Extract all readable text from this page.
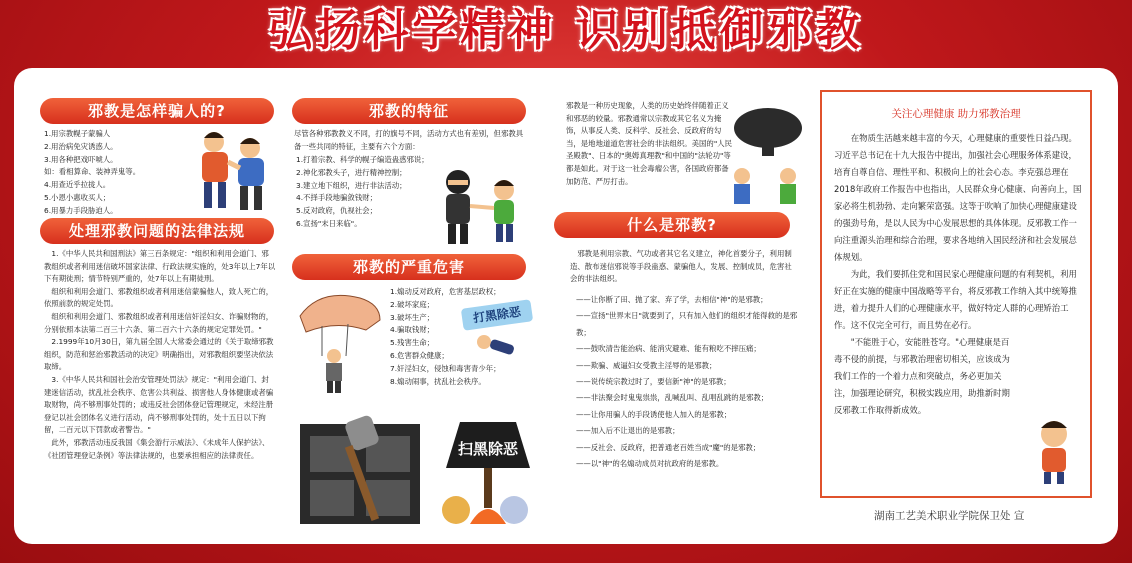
弘扬科学精神 识别抵御邪教
邪教是怎样骗人的?
1.用宗教幌子蒙骗人
2.用治病免灾诱惑人。
3.用各种把戏吓唬人。
如：看相算命、装神弄鬼等。
4.用查近乎拉拢人。
5.小恩小惠收买人；
6.用暴力手段胁迫人。
处理邪教问题的法律法规

1.《中华人民共和国刑法》第三百条规定："组织和利用会道门、邪教组织或者利用迷信破坏国家法律、行政法规实施的，处3年以上7年以下有期徒刑；情节特别严重的，处7年以上有期徒刑。

组织和利用会道门、邪教组织或者利用迷信蒙骗他人，致人死亡的，依照前款的规定处罚。

组织和利用会道门、邪教组织或者利用迷信奸淫妇女、诈骗财物的，分别依照本法第二百三十六条、第二百六十六条的规定定罪处罚。"

2.1999年10月30日，第九届全国人大常委会通过的《关于取缔邪教组织，防范和惩治邪教活动的决定》明确指出，对邪教组织要坚决依法取缔。

3.《中华人民共和国社会治安管理处罚法》规定："利用会道门、封建迷信活动，扰乱社会秩序、危害公共利益、损害他人身体健康或者骗取财物，尚不够刑事处罚的；或违反社会团体登记管理规定，未经注册登记以社会团体名义进行活动，尚不够刑事处罚的，处十五日以下拘留，二百元以下罚款或者警告。"

此外，邪教活动违反我国《集会游行示威法》、《未成年人保护法》、《社团管理登记条例》等法律法规的，也要承担相应的法律责任。

邪教的特征
尽管各种邪教教义不同，打的旗号不同，活动方式也有差别，但邪教具备一些共同的特征，主要有六个方面：
1.打着宗教、科学的幌子编造蛊惑邪说；
2.神化邪教头子，进行精神控制；
3.建立地下组织，进行非法活动；
4.不择手段地骗敛钱财；
5.反对政府，仇视社会；
6.宣扬"末日来临"。
邪教的严重危害
1.煽动反对政府，危害基层政权；
2.破坏家庭；
3.破坏生产；
4.骗取钱财；
5.残害生命；
6.危害群众健康；
7.奸淫妇女，侵蚀和毒害青少年；
8.煽动闹事，扰乱社会秩序。
打黑除恶
扫黑除恶
邪教是一种历史现象，人类的历史始终伴随着正义和邪恶的较量。邪教通常以宗教或其它名义为掩饰，从事反人类、反科学、反社会、反政府的勾当，是地地道道危害社会的非法组织。美国的"人民圣殿教"、日本的"奥姆真理教"和中国的"法轮功"等都是如此。对于这一社会毒瘤公害，各国政府都备加防范、严厉打击。
什么是邪教?
邪教是利用宗教、气功或者其它名义建立，神化首要分子，利用制造、散布迷信邪说等手段蛊惑、蒙骗他人，发展、控制成员，危害社会的非法组织。
——让你断了田、抛了家、弃了学，去相信"神"的是邪教；
——宣扬"世界末日"就要到了，只有加入他们的组织才能得救的是邪教；
——鼓吹清告能治病、能消灾避难、能有粮吃不摔压痛；
——欺骗、威逼妇女受教主淫辱的是邪教；
——说传统宗教过时了，要信新"神"的是邪教；
——非法聚会时鬼鬼祟祟，乱喊乱叫、乱唱乱跳的是邪教；
——让你用骗人的手段诱使他人加入的是邪教；
——加入后不让退出的是邪教；
——反社会、反政府，把普通老百姓当成"魔"的是邪教；
——以"神"的名煽动成员对抗政府的是邪教。
关注心理健康 助力邪教治理

在物质生活越来越丰富的今天，心理健康的重要性日益凸现。习近平总书记在十九大报告中提出，加强社会心理服务体系建设，培育自尊自信、理性平和、积极向上的社会心态。李克强总理在2018年政府工作报告中也指出，人民群众身心健康、向善向上，国家必将生机勃勃、走向繁荣富强。这等于吹响了加快心理健康建设的强劲号角，是以人民为中心发展思想的具体体现。反邪教工作一向注重源头治理和综合治理，要求各地纳入国民经济和社会发展总体规划。

为此，我们要抓住党和国民家心理健康问题的有利契机，利用好正在实施的健康中国战略等平台，将反邪教工作纳入其中统筹推进，着力提升人们的心理健康水平，做好特定人群的心理矫治工作。这不仅完全可行，而且势在必行。

"不能胜于心，安能胜苍穹。"心理健康是百毒不侵的前提，与邪教治理密切相关，应该成为我们工作的一个着力点和突破点，务必更加关注，加强理论研究，积极实践应用，助推新时期反邪教工作取得新成效。

湖南工艺美术职业学院保卫处 宣
